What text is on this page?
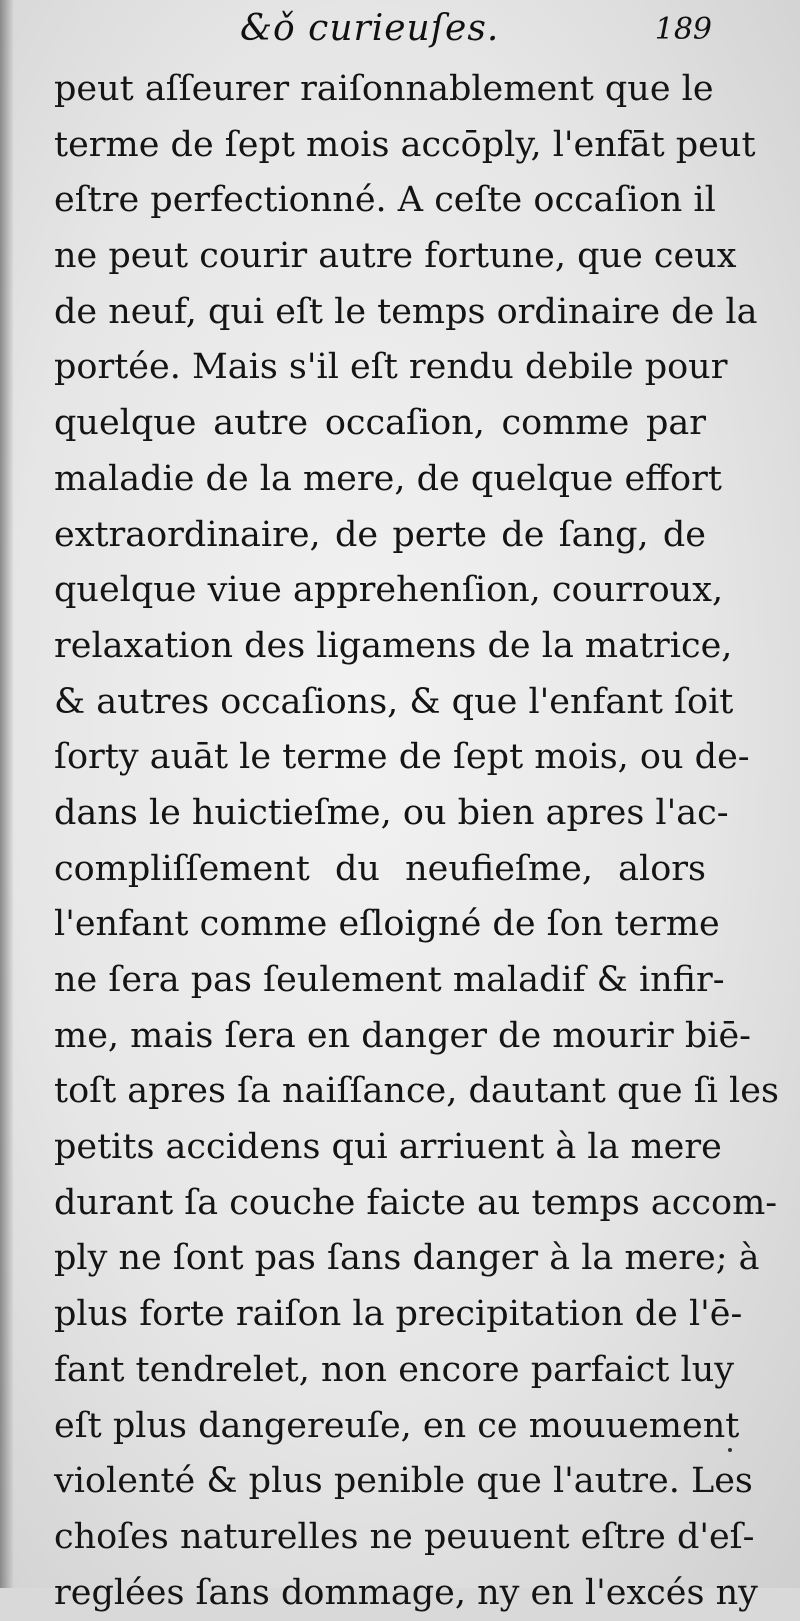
&ǒ curieuſes.	189
peut aſſeurer raiſonnablement que le
terme de ſept mois accōply, l'enfāt peut
eſtre perfectionné. A ceſte occaſion il
ne peut courir autre fortune, que ceux
de neuf, qui eſt le temps ordinaire de la
portée. Mais s'il eſt rendu debile pour
quelque autre occaſion, comme par
maladie de la mere, de quelque effort
extraordinaire, de perte de ſang, de
quelque viue apprehenſion, courroux,
relaxation des ligamens de la matrice,
& autres occaſions, & que l'enfant ſoit
ſorty auāt le terme de ſept mois, ou de-
dans le huictieſme, ou bien apres l'ac-
compliſſement du neufieſme, alors
l'enfant comme eſloigné de ſon terme
ne ſera pas ſeulement maladif & infir-
me, mais ſera en danger de mourir biē-
toſt apres ſa naiſſance, dautant que ſi les
petits accidens qui arriuent à la mere
durant ſa couche faicte au temps accom-
ply ne ſont pas ſans danger à la mere; à
plus forte raiſon la precipitation de l'ē-
fant tendrelet, non encore parfaict luy
eſt plus dangereuſe, en ce mouuement
violenté & plus penible que l'autre. Les
choſes naturelles ne peuuent eſtre d'eſ-
reglées ſans dommage, ny en l'excés ny
